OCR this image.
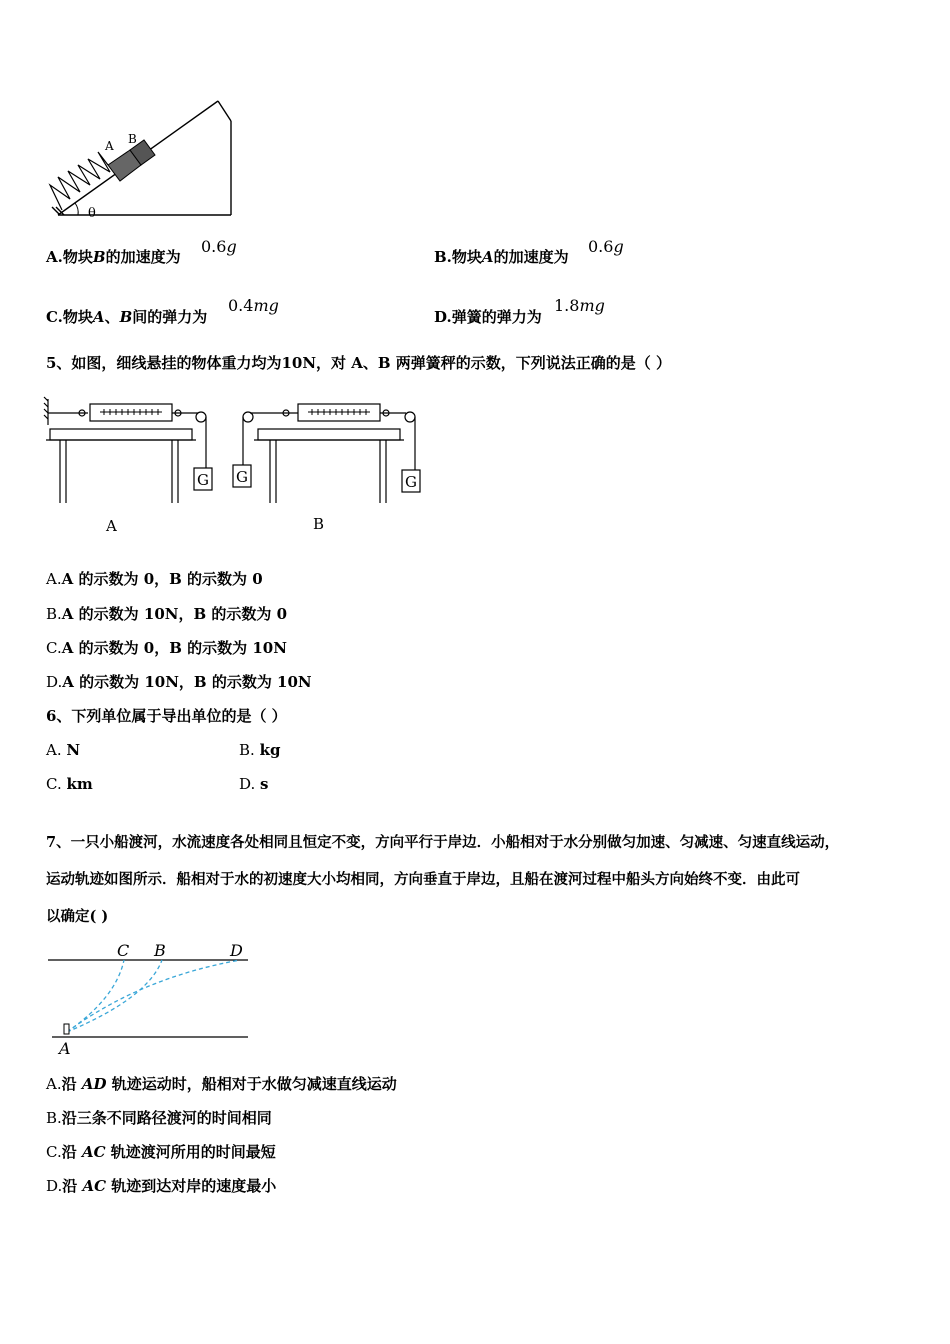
A B
θ
A.物块B的加速度为
0.6g
B.物块A的加速度为
0.6g
C.物块A、B间的弹力为
0.4mg
D.弹簧的弹力为
1.8mg
5、如图，细线悬挂的物体重力均为10N，对 A、B 两弹簧秤的示数，下列说法正确的是（ ）
G G	G
A	B
A.A 的示数为 0，B 的示数为 0
B.A 的示数为 10N，B 的示数为 0
C.A 的示数为 0，B 的示数为 10N
D.A 的示数为 10N，B 的示数为 10N
6、下列单位属于导出单位的是（ ）
A. N	B. kg
C. km	D. s
7、一只小船渡河，水流速度各处相同且恒定不变，方向平行于岸边．小船相对于水分别做匀加速、匀减速、匀速直线运动，
运动轨迹如图所示．船相对于水的初速度大小均相同，方向垂直于岸边，且船在渡河过程中船头方向始终不变．由此可
以确定( )
C B	D
A
A.沿 AD 轨迹运动时，船相对于水做匀减速直线运动
B.沿三条不同路径渡河的时间相同
C.沿 AC 轨迹渡河所用的时间最短
D.沿 AC 轨迹到达对岸的速度最小
